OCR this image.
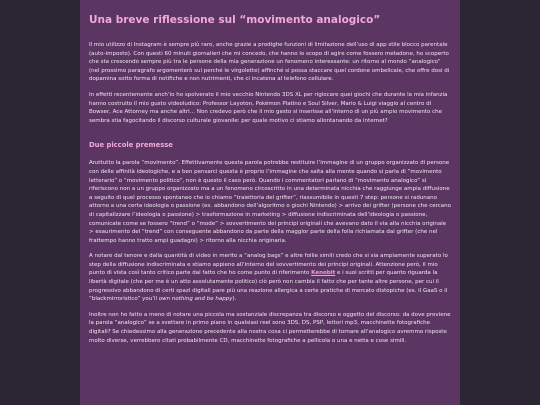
Una breve riflessione sul “movimento analogico”

Il mio utilizzo di Instagram è sempre più raro, anche grazie a prodighe funzioni di limitazione dell’uso di app stile blocco parentale (auto-imposto). Con questi 60 minuti giornalieri che mi concedo, che hanno lo scopo di agire come fossero metadone, ho scoperto che sta crescendo sempre più tra le persone della mia generazione un fenomeno interessante: un ritorno al mondo “analogico” (nel prossimo paragrafo argomenterò sul perché le virgolette) affinché si possa staccare quel cordone ombelicale, che offre dosi di dopamina sotto forma di notifiche e non nutrimenti, che ci incatena al telefono cellulare.

In effetti recentemente anch’io ho spolverato il mio vecchio Nintendo 3DS XL per rigiocare quei giochi che durante la mia infanzia hanno costruito il mio gusto videoludico: Professor Layoton, Pokémon Platino e Soul Silver, Mario & Luigi viaggio al centro di Bowser, Ace Attorney ma anche altri… Non credevo però che il mio gesto si inserisse all’interno di un più ampio movimento che sembra stia fagocitando il discorso culturale giovanile: per quale motivo ci stiamo allontanando da internet?

Due piccole premesse

Anzitutto la parola “movimento”. Effettivamente questa parola potrebbe restituire l’immagine di un gruppo organizzato di persone con delle affinità ideologiche, e a ben pensarci questa è proprio l’immagine che salta alla mente quando si parla di “movimento letterario” o “movimento politico”, non è questo il caso però. Quando i commentatori parlano di “movimento analogico” si riferiscono non a un gruppo organizzato ma a un fenomeno circoscritto in una determinata nicchia che raggiunge ampia diffusione a seguito di quel processo spontaneo che io chiamo “traiettoria del grifter”, riassumibile in questi 7 step: persone si radunano attorno a una certa ideologia o passione (es. abbandono dell’algoritmo o giochi Nintendo) > arrivo dei grifter (persone che cercano di capitalizzare l’ideologia o passione) > trasformazione in marketing > diffusione indiscriminata dell’ideologia o passione, comunicate come se fossero “trend” o “mode” > sovvertimento dei principi originali che avevano dato il via alla nicchia originale > esaurimento del “trend” con conseguente abbandono da parte della maggior parte della folla richiamata dai grifter (che nel frattempo hanno tratto ampi guadagni) > ritorno alla nicchia originaria.

A notare dal tenore e dalla quantità di video in merito a “analog bags” e altre follie simili credo che si sia ampiamente superato lo step della diffusione indiscriminata e stiamo appieno all’interno del sovvertimento dei principi originali. Attenzione però, il mio punto di vista così tanto critico parte dal fatto che ho come punto di riferimento Kenobit e i suoi scritti per quanto riguarda la libertà digitale (che per me è un atto assolutamente politico) ciò però non cambia il fatto che per tante altre persone, per cui il progressivo abbandono di certi spazi digitali pare più una reazione allergica a certe pratiche di mercato distopiche (es. il GaaS o il “blackmirroristico” you’ll own nothing and be happy).

Inoltre non ho fatto a meno di notare una piccola ma sostanziale discrepanza tra discorso e oggetto del discorso: da dove proviene la parola “analogico” se a svettare in primo piano in qualsiasi reel sono 3DS, DS, PSP, lettori mp3, macchinette fotografiche digitali? Se chiedessimo alla generazione precedente alla nostra cosa ci permetterebbe di tornare all’analogico avremmo risposte molto diverse, verrebbero citati probabilmente CD, macchinette fotografiche a pellicola o una e netta e cose simili.
